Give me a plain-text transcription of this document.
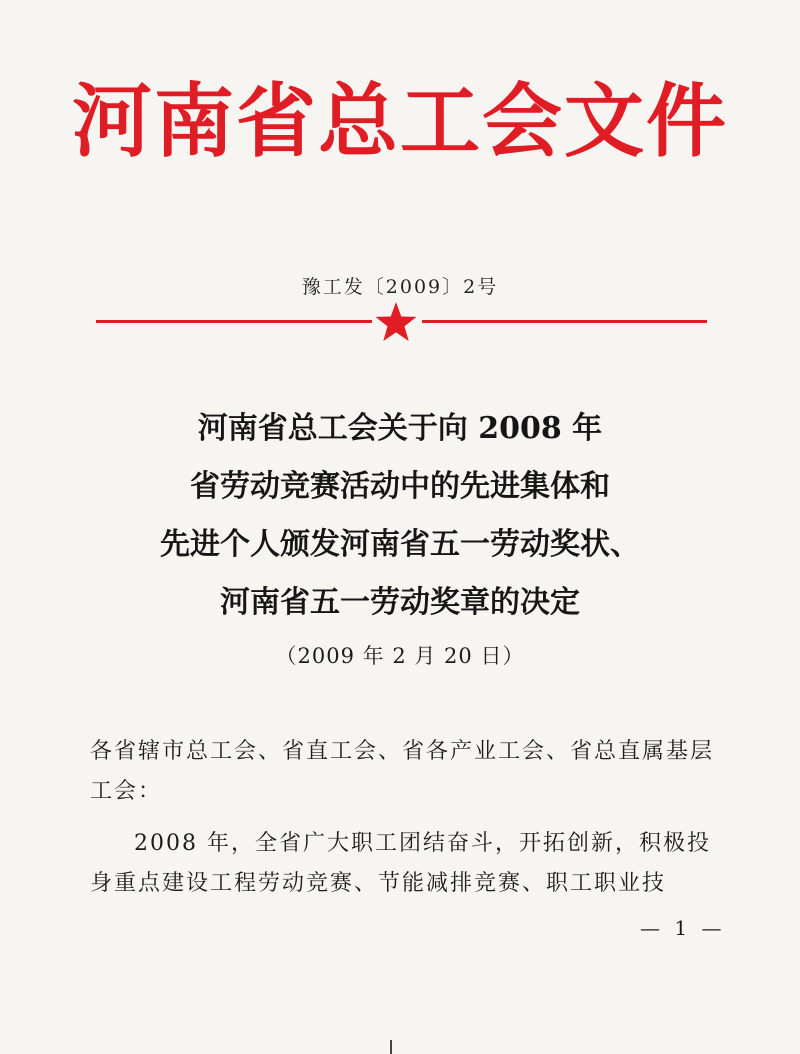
河南省总工会文件
豫工发〔2009〕2号
河南省总工会关于向 2008 年
省劳动竞赛活动中的先进集体和
先进个人颁发河南省五一劳动奖状、
河南省五一劳动奖章的决定
（2009 年 2 月 20 日）

各省辖市总工会、省直工会、省各产业工会、省总直属基层工会：

2008 年，全省广大职工团结奋斗，开拓创新，积极投身重点建设工程劳动竞赛、节能减排竞赛、职工职业技

— 1 —
